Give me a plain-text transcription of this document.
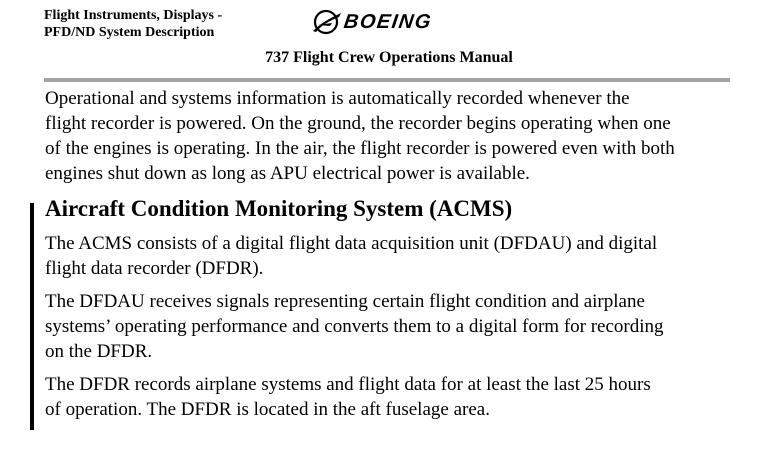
Flight Instruments, Displays -
PFD/ND System Description	BOEING
737 Flight Crew Operations Manual

Operational and systems information is automatically recorded whenever the
flight recorder is powered. On the ground, the recorder begins operating when one
of the engines is operating. In the air, the flight recorder is powered even with both
engines shut down as long as APU electrical power is available.

Aircraft Condition Monitoring System (ACMS)

The ACMS consists of a digital flight data acquisition unit (DFDAU) and digital
flight data recorder (DFDR).

The DFDAU receives signals representing certain flight condition and airplane
systems’ operating performance and converts them to a digital form for recording
on the DFDR.

The DFDR records airplane systems and flight data for at least the last 25 hours
of operation. The DFDR is located in the aft fuselage area.
